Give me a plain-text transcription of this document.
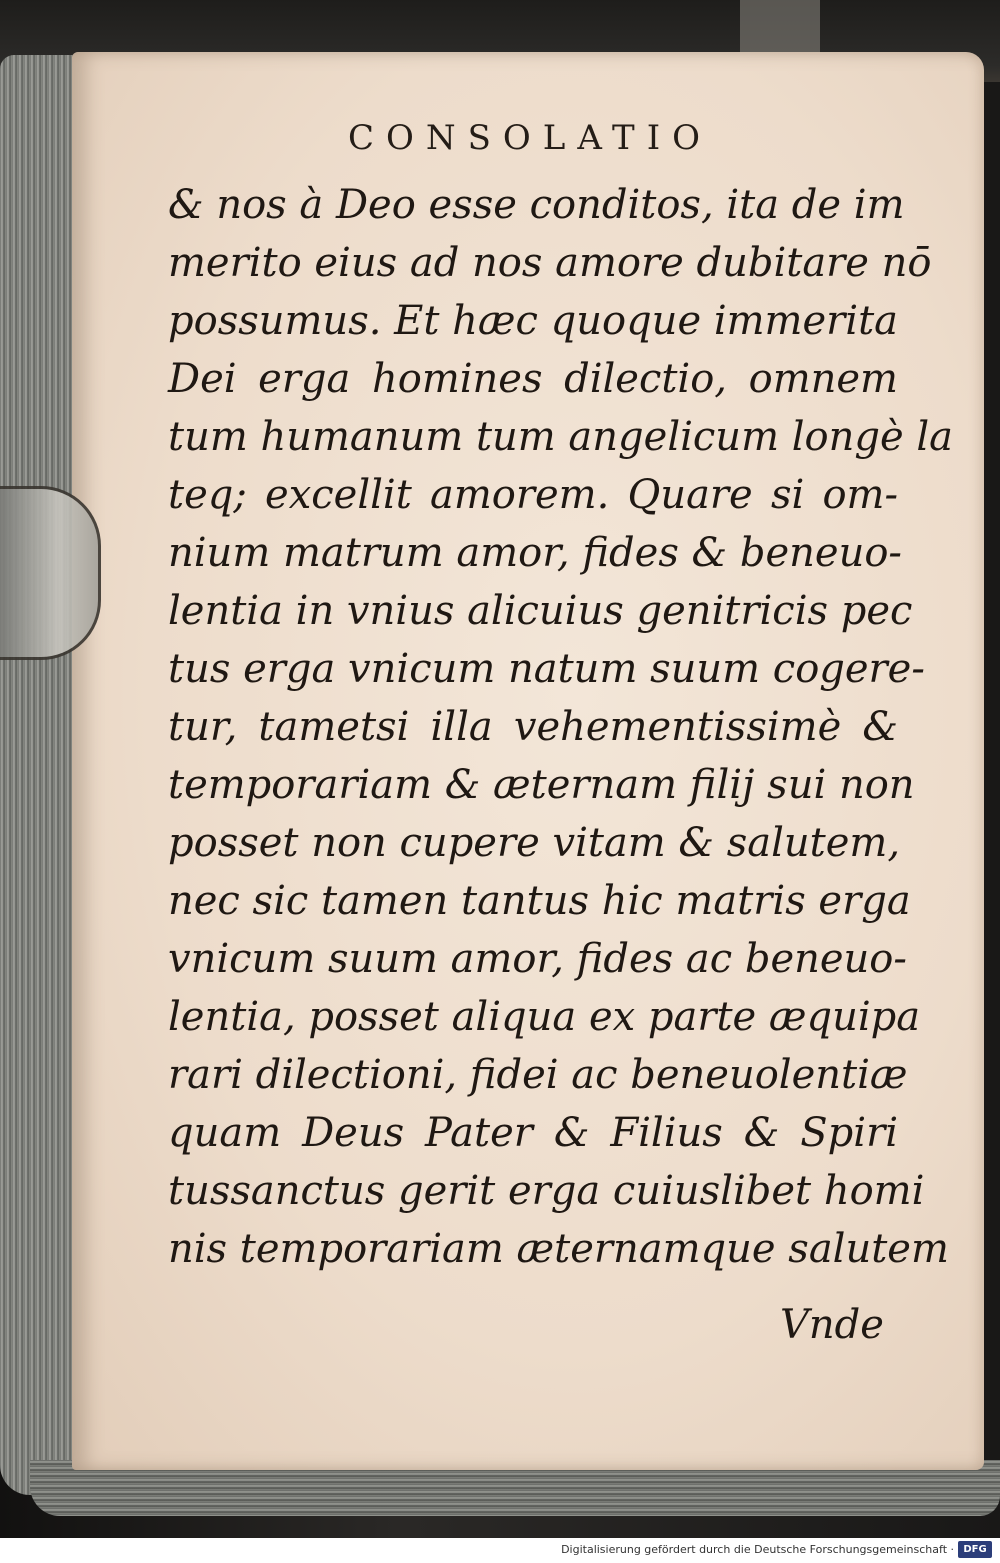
CONSOLATIO
& nos à Deo esse conditos, ita de im
merito eius ad nos amore dubitare nō
possumus. Et hæc quoque immerita
Dei erga homines dilectio, omnem
tum humanum tum angelicum longè la
teq; excellit amorem. Quare si om-
nium matrum amor, fides & beneuo-
lentia in vnius alicuius genitricis pec
tus erga vnicum natum suum cogere-
tur, tametsi illa vehementissimè &
temporariam & æternam filij sui non
posset non cupere vitam & salutem,
nec sic tamen tantus hic matris erga
vnicum suum amor, fides ac beneuo-
lentia, posset aliqua ex parte æquipa
rari dilectioni, fidei ac beneuolentiæ
quam Deus Pater & Filius & Spiri
tussanctus gerit erga cuiuslibet homi
nis temporariam æternamque salutem
Vnde
Digitalisierung gefördert durch die Deutsche Forschungsgemeinschaft · DFG
